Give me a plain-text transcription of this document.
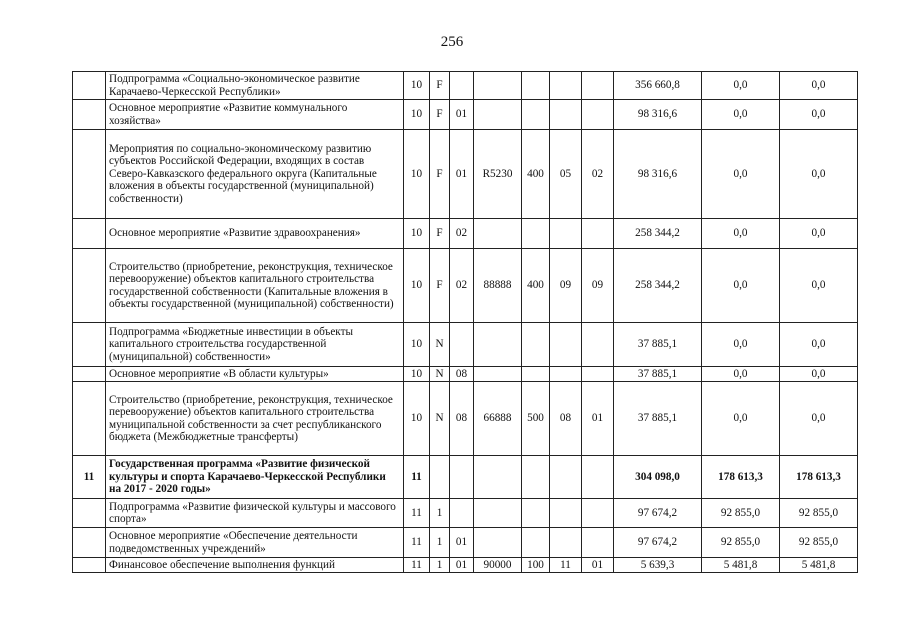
256
	Подпрограмма «Социально-экономическое развитие Карачаево-Черкесской Республики»	10	F						356 660,8	0,0	0,0
	Основное мероприятие «Развитие коммунального хозяйства»	10	F	01					98 316,6	0,0	0,0
	Мероприятия по социально-экономическому развитию субъектов Российской Федерации, входящих в состав Северо-Кавказского федерального округа (Капитальные вложения в объекты государственной (муниципальной) собственности)	10	F	01	R5230	400	05	02	98 316,6	0,0	0,0
	Основное мероприятие «Развитие здравоохранения»	10	F	02					258 344,2	0,0	0,0
	Строительство (приобретение, реконструкция, техническое перевооружение) объектов капитального строительства государственной собственности (Капитальные вложения в объекты государственной (муниципальной) собственности)	10	F	02	88888	400	09	09	258 344,2	0,0	0,0
	Подпрограмма «Бюджетные инвестиции в объекты капитального строительства государственной (муниципальной) собственности»	10	N						37 885,1	0,0	0,0
	Основное мероприятие «В области культуры»	10	N	08					37 885,1	0,0	0,0
	Строительство (приобретение, реконструкция, техническое перевооружение) объектов капитального строительства муниципальной собственности за счет республиканского бюджета (Межбюджетные трансферты)	10	N	08	66888	500	08	01	37 885,1	0,0	0,0
11	Государственная программа «Развитие физической культуры и спорта Карачаево-Черкесской Республики на 2017 - 2020 годы»	11							304 098,0	178 613,3	178 613,3
	Подпрограмма «Развитие физической культуры и массового спорта»	11	1						97 674,2	92 855,0	92 855,0
	Основное мероприятие «Обеспечение деятельности подведомственных учреждений»	11	1	01					97 674,2	92 855,0	92 855,0
	Финансовое обеспечение выполнения функций	11	1	01	90000	100	11	01	5 639,3	5 481,8	5 481,8
